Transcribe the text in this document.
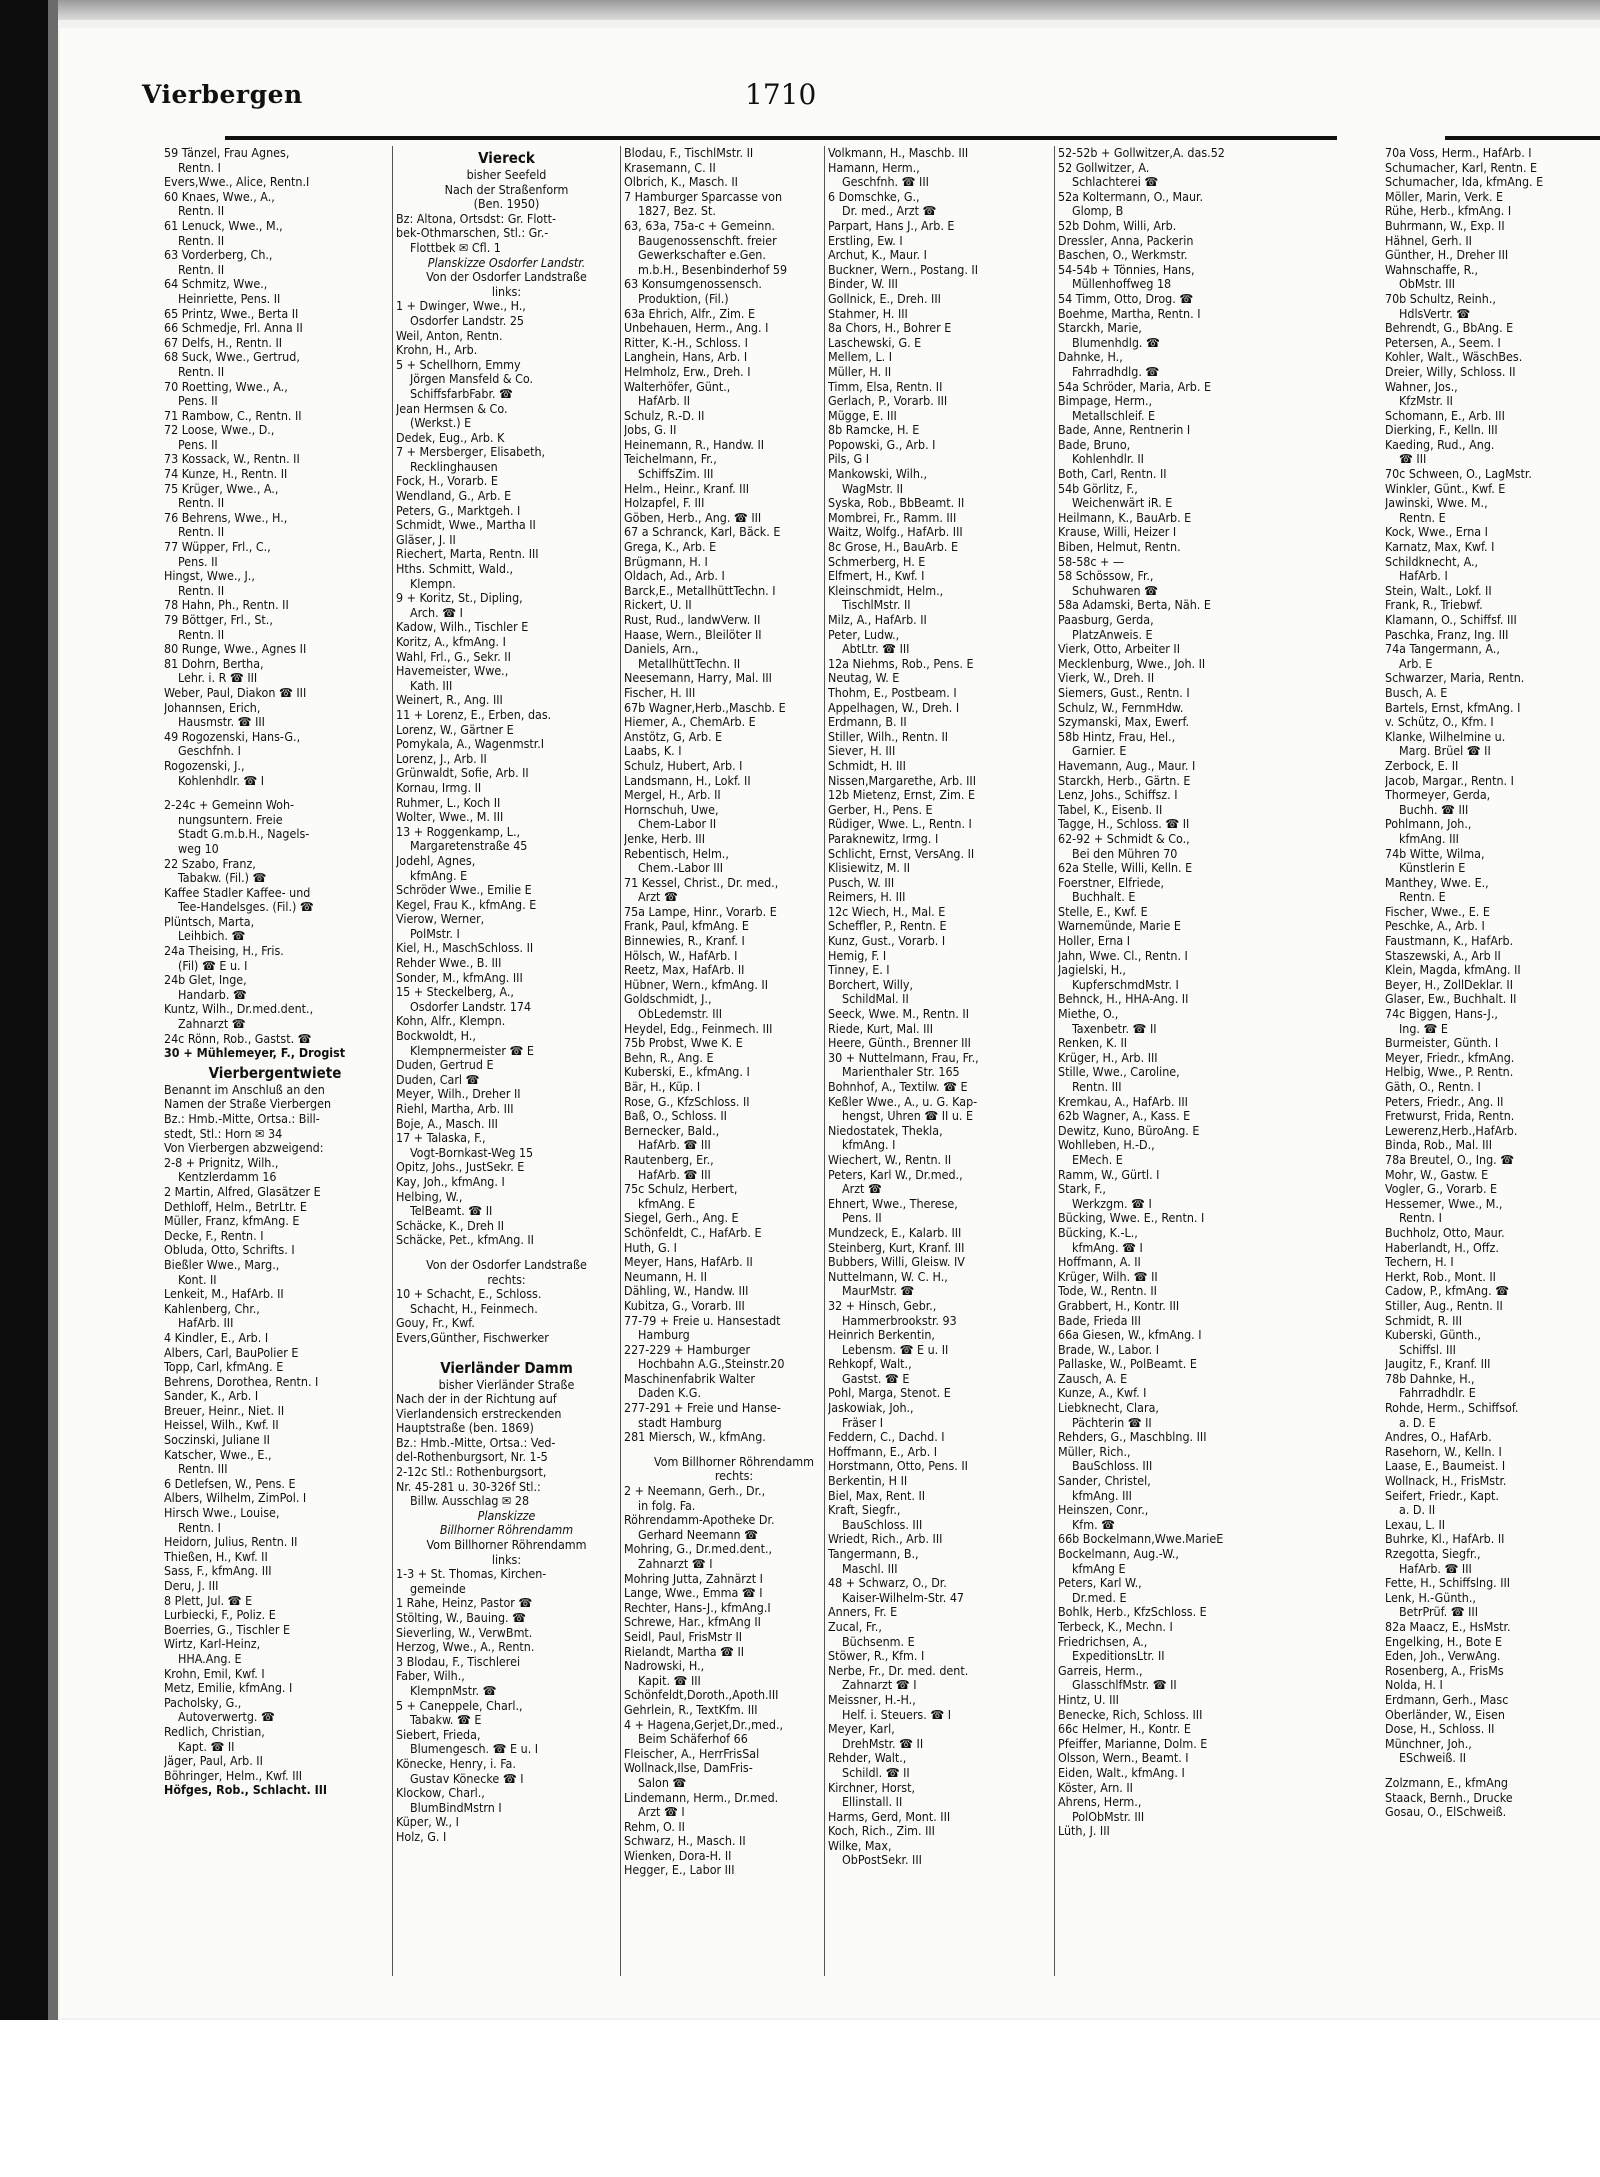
Vierbergen	1710
59 Tänzel, Frau Agnes,
Rentn. I
Evers,Wwe., Alice, Rentn.I
60 Knaes, Wwe., A.,
Rentn. II
61 Lenuck, Wwe., M.,
Rentn. II
63 Vorderberg, Ch.,
Rentn. II
64 Schmitz, Wwe.,
Heinriette, Pens. II
65 Printz, Wwe., Berta II
66 Schmedje, Frl. Anna II
67 Delfs, H., Rentn. II
68 Suck, Wwe., Gertrud,
Rentn. II
70 Roetting, Wwe., A.,
Pens. II
71 Rambow, C., Rentn. II
72 Loose, Wwe., D.,
Pens. II
73 Kossack, W., Rentn. II
74 Kunze, H., Rentn. II
75 Krüger, Wwe., A.,
Rentn. II
76 Behrens, Wwe., H.,
Rentn. II
77 Wüpper, Frl., C.,
Pens. II
Hingst, Wwe., J.,
Rentn. II
78 Hahn, Ph., Rentn. II
79 Böttger, Frl., St.,
Rentn. II
80 Runge, Wwe., Agnes II
81 Dohrn, Bertha,
Lehr. i. R ☎ III
Weber, Paul, Diakon ☎ III
Johannsen, Erich,
Hausmstr. ☎ III
49 Rogozenski, Hans-G.,
Geschfnh. I
Rogozenski, J.,
Kohlenhdlr. ☎ I
2-24c + Gemeinn Woh-
nungsuntern. Freie
Stadt G.m.b.H., Nagels-
weg 10
22 Szabo, Franz,
Tabakw. (Fil.) ☎
Kaffee Stadler Kaffee- und
Tee-Handelsges. (Fil.) ☎
Plüntsch, Marta,
Leihbich. ☎
24a Theising, H., Fris.
(Fil) ☎ E u. I
24b Glet, Inge,
Handarb. ☎
Kuntz, Wilh., Dr.med.dent.,
Zahnarzt ☎
24c Rönn, Rob., Gastst. ☎
30 + Mühlemeyer, F., Drogist
Vierbergentwiete
Benannt im Anschluß an den
Namen der Straße Vierbergen
Bz.: Hmb.-Mitte, Ortsa.: Bill-
stedt, Stl.: Horn ✉ 34
Von Vierbergen abzweigend:
2-8 + Prignitz, Wilh.,
Kentzlerdamm 16
2 Martin, Alfred, Glasätzer E
Dethloff, Helm., BetrLtr. E
Müller, Franz, kfmAng. E
Decke, F., Rentn. I
Obluda, Otto, Schrifts. I
Bießler Wwe., Marg.,
Kont. II
Lenkeit, M., HafArb. II
Kahlenberg, Chr.,
HafArb. III
4 Kindler, E., Arb. I
Albers, Carl, BauPolier E
Topp, Carl, kfmAng. E
Behrens, Dorothea, Rentn. I
Sander, K., Arb. I
Breuer, Heinr., Niet. II
Heissel, Wilh., Kwf. II
Soczinski, Juliane II
Katscher, Wwe., E.,
Rentn. III
6 Detlefsen, W., Pens. E
Albers, Wilhelm, ZimPol. I
Hirsch Wwe., Louise,
Rentn. I
Heidorn, Julius, Rentn. II
Thießen, H., Kwf. II
Sass, F., kfmAng. III
Deru, J. III
8 Plett, Jul. ☎ E
Lurbiecki, F., Poliz. E
Boerries, G., Tischler E
Wirtz, Karl-Heinz,
HHA.Ang. E
Krohn, Emil, Kwf. I
Metz, Emilie, kfmAng. I
Pacholsky, G.,
Autoverwertg. ☎
Redlich, Christian,
Kapt. ☎ II
Jäger, Paul, Arb. II
Böhringer, Helm., Kwf. III
Höfges, Rob., Schlacht. III
Viereck
bisher Seefeld
Nach der Straßenform
(Ben. 1950)
Bz: Altona, Ortsdst: Gr. Flott-
bek-Othmarschen, Stl.: Gr.-
Flottbek ✉ Cfl. 1
Planskizze Osdorfer Landstr.
Von der Osdorfer Landstraße
links:
1 + Dwinger, Wwe., H.,
Osdorfer Landstr. 25
Weil, Anton, Rentn.
Krohn, H., Arb.
5 + Schellhorn, Emmy
Jörgen Mansfeld & Co.
SchiffsfarbFabr. ☎
Jean Hermsen & Co.
(Werkst.) E
Dedek, Eug., Arb. K
7 + Mersberger, Elisabeth,
Recklinghausen
Fock, H., Vorarb. E
Wendland, G., Arb. E
Peters, G., Marktgeh. I
Schmidt, Wwe., Martha II
Gläser, J. II
Riechert, Marta, Rentn. III
Hths. Schmitt, Wald.,
Klempn.
9 + Koritz, St., Dipling,
Arch. ☎ I
Kadow, Wilh., Tischler E
Koritz, A., kfmAng. I
Wahl, Frl., G., Sekr. II
Havemeister, Wwe.,
Kath. III
Weinert, R., Ang. III
11 + Lorenz, E., Erben, das.
Lorenz, W., Gärtner E
Pomykala, A., Wagenmstr.I
Lorenz, J., Arb. II
Grünwaldt, Sofie, Arb. II
Kornau, Irmg. II
Ruhmer, L., Koch II
Wolter, Wwe., M. III
13 + Roggenkamp, L.,
Margaretenstraße 45
Jodehl, Agnes,
kfmAng. E
Schröder Wwe., Emilie E
Kegel, Frau K., kfmAng. E
Vierow, Werner,
PolMstr. I
Kiel, H., MaschSchloss. II
Rehder Wwe., B. III
Sonder, M., kfmAng. III
15 + Steckelberg, A.,
Osdorfer Landstr. 174
Kohn, Alfr., Klempn.
Bockwoldt, H.,
Klempnermeister ☎ E
Duden, Gertrud E
Duden, Carl ☎
Meyer, Wilh., Dreher II
Riehl, Martha, Arb. III
Boje, A., Masch. III
17 + Talaska, F.,
Vogt-Bornkast-Weg 15
Opitz, Johs., JustSekr. E
Kay, Joh., kfmAng. I
Helbing, W.,
TelBeamt. ☎ II
Schäcke, K., Dreh II
Schäcke, Pet., kfmAng. II
Von der Osdorfer Landstraße
rechts:
10 + Schacht, E., Schloss.
Schacht, H., Feinmech.
Gouy, Fr., Kwf.
Evers,Günther, Fischwerker
Vierländer Damm
bisher Vierländer Straße
Nach der in der Richtung auf
Vierlandensich erstreckenden
Hauptstraße (ben. 1869)
Bz.: Hmb.-Mitte, Ortsa.: Ved-
del-Rothenburgsort, Nr. 1-5
2-12c Stl.: Rothenburgsort,
Nr. 45-281 u. 30-326f Stl.:
Billw. Ausschlag ✉ 28
Planskizze
Billhorner Röhrendamm
Vom Billhorner Röhrendamm
links:
1-3 + St. Thomas, Kirchen-
gemeinde
1 Rahe, Heinz, Pastor ☎
Stölting, W., Bauing. ☎
Sieverling, W., VerwBmt.
Herzog, Wwe., A., Rentn.
3 Blodau, F., Tischlerei
Faber, Wilh.,
KlempnMstr. ☎
5 + Caneppele, Charl.,
Tabakw. ☎ E
Siebert, Frieda,
Blumengesch. ☎ E u. I
Könecke, Henry, i. Fa.
Gustav Könecke ☎ I
Klockow, Charl.,
BlumBindMstrn I
Küper, W., I
Holz, G. I
Blodau, F., TischlMstr. II
Krasemann, C. II
Olbrich, K., Masch. II
7 Hamburger Sparcasse von
1827, Bez. St.
63, 63a, 75a-c + Gemeinn.
Baugenossenschft. freier
Gewerkschafter e.Gen.
m.b.H., Besenbinderhof 59
63 Konsumgenossensch.
Produktion, (Fil.)
63a Ehrich, Alfr., Zim. E
Unbehauen, Herm., Ang. I
Ritter, K.-H., Schloss. I
Langhein, Hans, Arb. I
Helmholz, Erw., Dreh. I
Walterhöfer, Günt.,
HafArb. II
Schulz, R.-D. II
Jobs, G. II
Heinemann, R., Handw. II
Teichelmann, Fr.,
SchiffsZim. III
Helm., Heinr., Kranf. III
Holzapfel, F. III
Göben, Herb., Ang. ☎ III
67 a Schranck, Karl, Bäck. E
Grega, K., Arb. E
Brügmann, H. I
Oldach, Ad., Arb. I
Barck,E., MetallhüttTechn. I
Rickert, U. II
Rust, Rud., landwVerw. II
Haase, Wern., Bleilöter II
Daniels, Arn.,
MetallhüttTechn. II
Neesemann, Harry, Mal. III
Fischer, H. III
67b Wagner,Herb.,Maschb. E
Hiemer, A., ChemArb. E
Anstötz, G, Arb. E
Laabs, K. I
Schulz, Hubert, Arb. I
Landsmann, H., Lokf. II
Mergel, H., Arb. II
Hornschuh, Uwe,
Chem-Labor II
Jenke, Herb. III
Rebentisch, Helm.,
Chem.-Labor III
71 Kessel, Christ., Dr. med.,
Arzt ☎
75a Lampe, Hinr., Vorarb. E
Frank, Paul, kfmAng. E
Binnewies, R., Kranf. I
Hölsch, W., HafArb. I
Reetz, Max, HafArb. II
Hübner, Wern., kfmAng. II
Goldschmidt, J.,
ObLedemstr. III
Heydel, Edg., Feinmech. III
75b Probst, Wwe K. E
Behn, R., Ang. E
Kuberski, E., kfmAng. I
Bär, H., Küp. I
Rose, G., KfzSchloss. II
Baß, O., Schloss. II
Bernecker, Bald.,
HafArb. ☎ III
Rautenberg, Er.,
HafArb. ☎ III
75c Schulz, Herbert,
kfmAng. E
Siegel, Gerh., Ang. E
Schönfeldt, C., HafArb. E
Huth, G. I
Meyer, Hans, HafArb. II
Neumann, H. II
Dähling, W., Handw. III
Kubitza, G., Vorarb. III
77-79 + Freie u. Hansestadt
Hamburg
227-229 + Hamburger
Hochbahn A.G.,Steinstr.20
Maschinenfabrik Walter
Daden K.G.
277-291 + Freie und Hanse-
stadt Hamburg
281 Miersch, W., kfmAng.
Vom Billhorner Röhrendamm
rechts:
2 + Neemann, Gerh., Dr.,
in folg. Fa.
Röhrendamm-Apotheke Dr.
Gerhard Neemann ☎
Mohring, G., Dr.med.dent.,
Zahnarzt ☎ I
Mohring Jutta, Zahnärzt I
Lange, Wwe., Emma ☎ I
Rechter, Hans-J., kfmAng.I
Schrewe, Har., kfmAng II
Seidl, Paul, FrisMstr II
Rielandt, Martha ☎ II
Nadrowski, H.,
Kapit. ☎ III
Schönfeldt,Doroth.,Apoth.III
Gehrlein, R., TextKfm. III
4 + Hagena,Gerjet,Dr.,med.,
Beim Schäferhof 66
Fleischer, A., HerrFrisSal
Wollnack,Ilse, DamFris-
Salon ☎
Lindemann, Herm., Dr.med.
Arzt ☎ I
Rehm, O. II
Schwarz, H., Masch. II
Wienken, Dora-H. II
Hegger, E., Labor III
Volkmann, H., Maschb. III
Hamann, Herm.,
Geschfnh. ☎ III
6 Domschke, G.,
Dr. med., Arzt ☎
Parpart, Hans J., Arb. E
Erstling, Ew. I
Archut, K., Maur. I
Buckner, Wern., Postang. II
Binder, W. III
Gollnick, E., Dreh. III
Stahmer, H. III
8a Chors, H., Bohrer E
Laschewski, G. E
Mellem, L. I
Müller, H. II
Timm, Elsa, Rentn. II
Gerlach, P., Vorarb. III
Mügge, E. III
8b Ramcke, H. E
Popowski, G., Arb. I
Pils, G I
Mankowski, Wilh.,
WagMstr. II
Syska, Rob., BbBeamt. II
Mombrei, Fr., Ramm. III
Waitz, Wolfg., HafArb. III
8c Grose, H., BauArb. E
Schmerberg, H. E
Elfmert, H., Kwf. I
Kleinschmidt, Helm.,
TischlMstr. II
Milz, A., HafArb. II
Peter, Ludw.,
AbtLtr. ☎ III
12a Niehms, Rob., Pens. E
Neutag, W. E
Thohm, E., Postbeam. I
Appelhagen, W., Dreh. I
Erdmann, B. II
Stiller, Wilh., Rentn. II
Siever, H. III
Schmidt, H. III
Nissen,Margarethe, Arb. III
12b Mietenz, Ernst, Zim. E
Gerber, H., Pens. E
Rüdiger, Wwe. L., Rentn. I
Paraknewitz, Irmg. I
Schlicht, Ernst, VersAng. II
Klisiewitz, M. II
Pusch, W. III
Reimers, H. III
12c Wiech, H., Mal. E
Scheffler, P., Rentn. E
Kunz, Gust., Vorarb. I
Hemig, F. I
Tinney, E. I
Borchert, Willy,
SchildMal. II
Seeck, Wwe. M., Rentn. II
Riede, Kurt, Mal. III
Heere, Günth., Brenner III
30 + Nuttelmann, Frau, Fr.,
Marienthaler Str. 165
Bohnhof, A., Textilw. ☎ E
Keßler Wwe., A., u. G. Kap-
hengst, Uhren ☎ II u. E
Niedostatek, Thekla,
kfmAng. I
Wiechert, W., Rentn. II
Peters, Karl W., Dr.med.,
Arzt ☎
Ehnert, Wwe., Therese,
Pens. II
Mundzeck, E., Kalarb. III
Steinberg, Kurt, Kranf. III
Bubbers, Willi, Gleisw. IV
Nuttelmann, W. C. H.,
MaurMstr. ☎
32 + Hinsch, Gebr.,
Hammerbrookstr. 93
Heinrich Berkentin,
Lebensm. ☎ E u. II
Rehkopf, Walt.,
Gastst. ☎ E
Pohl, Marga, Stenot. E
Jaskowiak, Joh.,
Fräser I
Feddern, C., Dachd. I
Hoffmann, E., Arb. I
Horstmann, Otto, Pens. II
Berkentin, H II
Biel, Max, Rent. II
Kraft, Siegfr.,
BauSchloss. III
Wriedt, Rich., Arb. III
Tangermann, B.,
Maschl. III
48 + Schwarz, O., Dr.
Kaiser-Wilhelm-Str. 47
Anners, Fr. E
Zucal, Fr.,
Büchsenm. E
Stöwer, R., Kfm. I
Nerbe, Fr., Dr. med. dent.
Zahnarzt ☎ I
Meissner, H.-H.,
Helf. i. Steuers. ☎ I
Meyer, Karl,
DrehMstr. ☎ II
Rehder, Walt.,
Schildl. ☎ II
Kirchner, Horst,
Ellinstall. II
Harms, Gerd, Mont. III
Koch, Rich., Zim. III
Wilke, Max,
ObPostSekr. III
52-52b + Gollwitzer,A. das.52
52 Gollwitzer, A.
Schlachterei ☎
52a Koltermann, O., Maur.
Glomp, B
52b Dohm, Willi, Arb.
Dressler, Anna, Packerin
Baschen, O., Werkmstr.
54-54b + Tönnies, Hans,
Müllenhoffweg 18
54 Timm, Otto, Drog. ☎
Boehme, Martha, Rentn. I
Starckh, Marie,
Blumenhdlg. ☎
Dahnke, H.,
Fahrradhdlg. ☎
54a Schröder, Maria, Arb. E
Bimpage, Herm.,
Metallschleif. E
Bade, Anne, Rentnerin I
Bade, Bruno,
Kohlenhdlr. II
Both, Carl, Rentn. II
54b Görlitz, F.,
Weichenwärt iR. E
Heilmann, K., BauArb. E
Krause, Willi, Heizer I
Biben, Helmut, Rentn.
58-58c + —
58 Schössow, Fr.,
Schuhwaren ☎
58a Adamski, Berta, Näh. E
Paasburg, Gerda,
PlatzAnweis. E
Vierk, Otto, Arbeiter II
Mecklenburg, Wwe., Joh. II
Vierk, W., Dreh. II
Siemers, Gust., Rentn. I
Schulz, W., FernmHdw.
Szymanski, Max, Ewerf.
58b Hintz, Frau, Hel.,
Garnier. E
Havemann, Aug., Maur. I
Starckh, Herb., Gärtn. E
Lenz, Johs., Schiffsz. I
Tabel, K., Eisenb. II
Tagge, H., Schloss. ☎ II
62-92 + Schmidt & Co.,
Bei den Mühren 70
62a Stelle, Willi, Kelln. E
Foerstner, Elfriede,
Buchhalt. E
Stelle, E., Kwf. E
Warnemünde, Marie E
Holler, Erna I
Jahn, Wwe. Cl., Rentn. I
Jagielski, H.,
KupferschmdMstr. I
Behnck, H., HHA-Ang. II
Miethe, O.,
Taxenbetr. ☎ II
Renken, K. II
Krüger, H., Arb. III
Stille, Wwe., Caroline,
Rentn. III
Kremkau, A., HafArb. III
62b Wagner, A., Kass. E
Dewitz, Kuno, BüroAng. E
Wohlleben, H.-D.,
EMech. E
Ramm, W., Gürtl. I
Stark, F.,
Werkzgm. ☎ I
Bücking, Wwe. E., Rentn. I
Bücking, K.-L.,
kfmAng. ☎ I
Hoffmann, A. II
Krüger, Wilh. ☎ II
Tode, W., Rentn. II
Grabbert, H., Kontr. III
Bade, Frieda III
66a Giesen, W., kfmAng. I
Brade, W., Labor. I
Pallaske, W., PolBeamt. E
Zausch, A. E
Kunze, A., Kwf. I
Liebknecht, Clara,
Pächterin ☎ II
Rehders, G., Maschblng. III
Müller, Rich.,
BauSchloss. III
Sander, Christel,
kfmAng. III
Heinszen, Conr.,
Kfm. ☎
66b Bockelmann,Wwe.MarieE
Bockelmann, Aug.-W.,
kfmAng E
Peters, Karl W.,
Dr.med. E
Bohlk, Herb., KfzSchloss. E
Terbeck, K., Mechn. I
Friedrichsen, A.,
ExpeditionsLtr. II
Garreis, Herm.,
GlasschlfMstr. ☎ II
Hintz, U. III
Benecke, Rich, Schloss. III
66c Helmer, H., Kontr. E
Pfeiffer, Marianne, Dolm. E
Olsson, Wern., Beamt. I
Eiden, Walt., kfmAng. I
Köster, Arn. II
Ahrens, Herm.,
PolObMstr. III
Lüth, J. III
70a Voss, Herm., HafArb. I
Schumacher, Karl, Rentn. E
Schumacher, Ida, kfmAng. E
Möller, Marin, Verk. E
Rühe, Herb., kfmAng. I
Buhrmann, W., Exp. II
Hähnel, Gerh. II
Günther, H., Dreher III
Wahnschaffe, R.,
ObMstr. III
70b Schultz, Reinh.,
HdlsVertr. ☎
Behrendt, G., BbAng. E
Petersen, A., Seem. I
Kohler, Walt., WäschBes.
Dreier, Willy, Schloss. II
Wahner, Jos.,
KfzMstr. II
Schomann, E., Arb. III
Dierking, F., Kelln. III
Kaeding, Rud., Ang.
☎ III
70c Schween, O., LagMstr.
Winkler, Günt., Kwf. E
Jawinski, Wwe. M.,
Rentn. E
Kock, Wwe., Erna I
Karnatz, Max, Kwf. I
Schildknecht, A.,
HafArb. I
Stein, Walt., Lokf. II
Frank, R., Triebwf.
Klamann, O., Schiffsf. III
Paschka, Franz, Ing. III
74a Tangermann, A.,
Arb. E
Schwarzer, Maria, Rentn.
Busch, A. E
Bartels, Ernst, kfmAng. I
v. Schütz, O., Kfm. I
Klanke, Wilhelmine u.
Marg. Brüel ☎ II
Zerbock, E. II
Jacob, Margar., Rentn. I
Thormeyer, Gerda,
Buchh. ☎ III
Pohlmann, Joh.,
kfmAng. III
74b Witte, Wilma,
Künstlerin E
Manthey, Wwe. E.,
Rentn. E
Fischer, Wwe., E. E
Peschke, A., Arb. I
Faustmann, K., HafArb.
Staszewski, A., Arb II
Klein, Magda, kfmAng. II
Beyer, H., ZollDeklar. II
Glaser, Ew., Buchhalt. II
74c Biggen, Hans-J.,
Ing. ☎ E
Burmeister, Günth. I
Meyer, Friedr., kfmAng.
Helbig, Wwe., P. Rentn.
Gäth, O., Rentn. I
Peters, Friedr., Ang. II
Fretwurst, Frida, Rentn.
Lewerenz,Herb.,HafArb.
Binda, Rob., Mal. III
78a Breutel, O., Ing. ☎
Mohr, W., Gastw. E
Vogler, G., Vorarb. E
Hessemer, Wwe., M.,
Rentn. I
Buchholz, Otto, Maur.
Haberlandt, H., Offz.
Techern, H. I
Herkt, Rob., Mont. II
Cadow, P., kfmAng. ☎
Stiller, Aug., Rentn. II
Schmidt, R. III
Kuberski, Günth.,
Schiffsl. III
Jaugitz, F., Kranf. III
78b Dahnke, H.,
Fahrradhdlr. E
Rohde, Herm., Schiffsof.
a. D. E
Andres, O., HafArb.
Rasehorn, W., Kelln. I
Laase, E., Baumeist. I
Wollnack, H., FrisMstr.
Seifert, Friedr., Kapt.
a. D. II
Lexau, L. II
Buhrke, Kl., HafArb. II
Rzegotta, Siegfr.,
HafArb. ☎ III
Fette, H., Schiffslng. III
Lenk, H.-Günth.,
BetrPrüf. ☎ III
82a Maacz, E., HsMstr.
Engelking, H., Bote E
Eden, Joh., VerwAng.
Rosenberg, A., FrisMs
Nolda, H. I
Erdmann, Gerh., Masc
Oberländer, W., Eisen
Dose, H., Schloss. II
Münchner, Joh.,
ESchweiß. II
Zolzmann, E., kfmAng
Staack, Bernh., Drucke
Gosau, O., ElSchweiß.
